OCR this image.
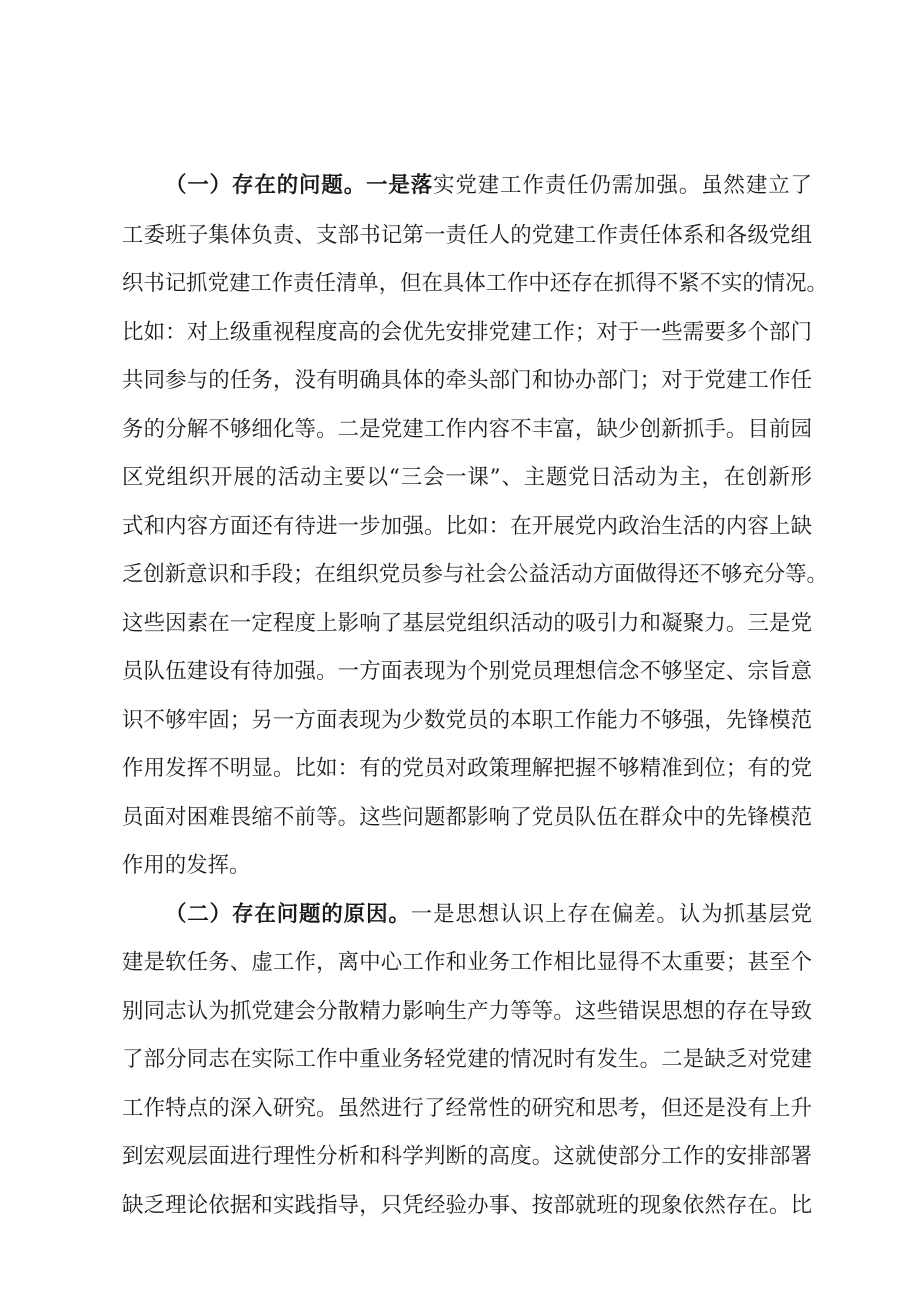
（一）存在的问题。一是落实党建工作责任仍需加强。虽然建立了
工委班子集体负责、支部书记第一责任人的党建工作责任体系和各级党组
织书记抓党建工作责任清单，但在具体工作中还存在抓得不紧不实的情况。
比如：对上级重视程度高的会优先安排党建工作；对于一些需要多个部门
共同参与的任务，没有明确具体的牵头部门和协办部门；对于党建工作任
务的分解不够细化等。二是党建工作内容不丰富，缺少创新抓手。目前园
区党组织开展的活动主要以“三会一课”、主题党日活动为主，在创新形
式和内容方面还有待进一步加强。比如：在开展党内政治生活的内容上缺
乏创新意识和手段；在组织党员参与社会公益活动方面做得还不够充分等。
这些因素在一定程度上影响了基层党组织活动的吸引力和凝聚力。三是党
员队伍建设有待加强。一方面表现为个别党员理想信念不够坚定、宗旨意
识不够牢固；另一方面表现为少数党员的本职工作能力不够强，先锋模范
作用发挥不明显。比如：有的党员对政策理解把握不够精准到位；有的党
员面对困难畏缩不前等。这些问题都影响了党员队伍在群众中的先锋模范
作用的发挥。
（二）存在问题的原因。一是思想认识上存在偏差。认为抓基层党
建是软任务、虚工作，离中心工作和业务工作相比显得不太重要；甚至个
别同志认为抓党建会分散精力影响生产力等等。这些错误思想的存在导致
了部分同志在实际工作中重业务轻党建的情况时有发生。二是缺乏对党建
工作特点的深入研究。虽然进行了经常性的研究和思考，但还是没有上升
到宏观层面进行理性分析和科学判断的高度。这就使部分工作的安排部署
缺乏理论依据和实践指导，只凭经验办事、按部就班的现象依然存在。比
